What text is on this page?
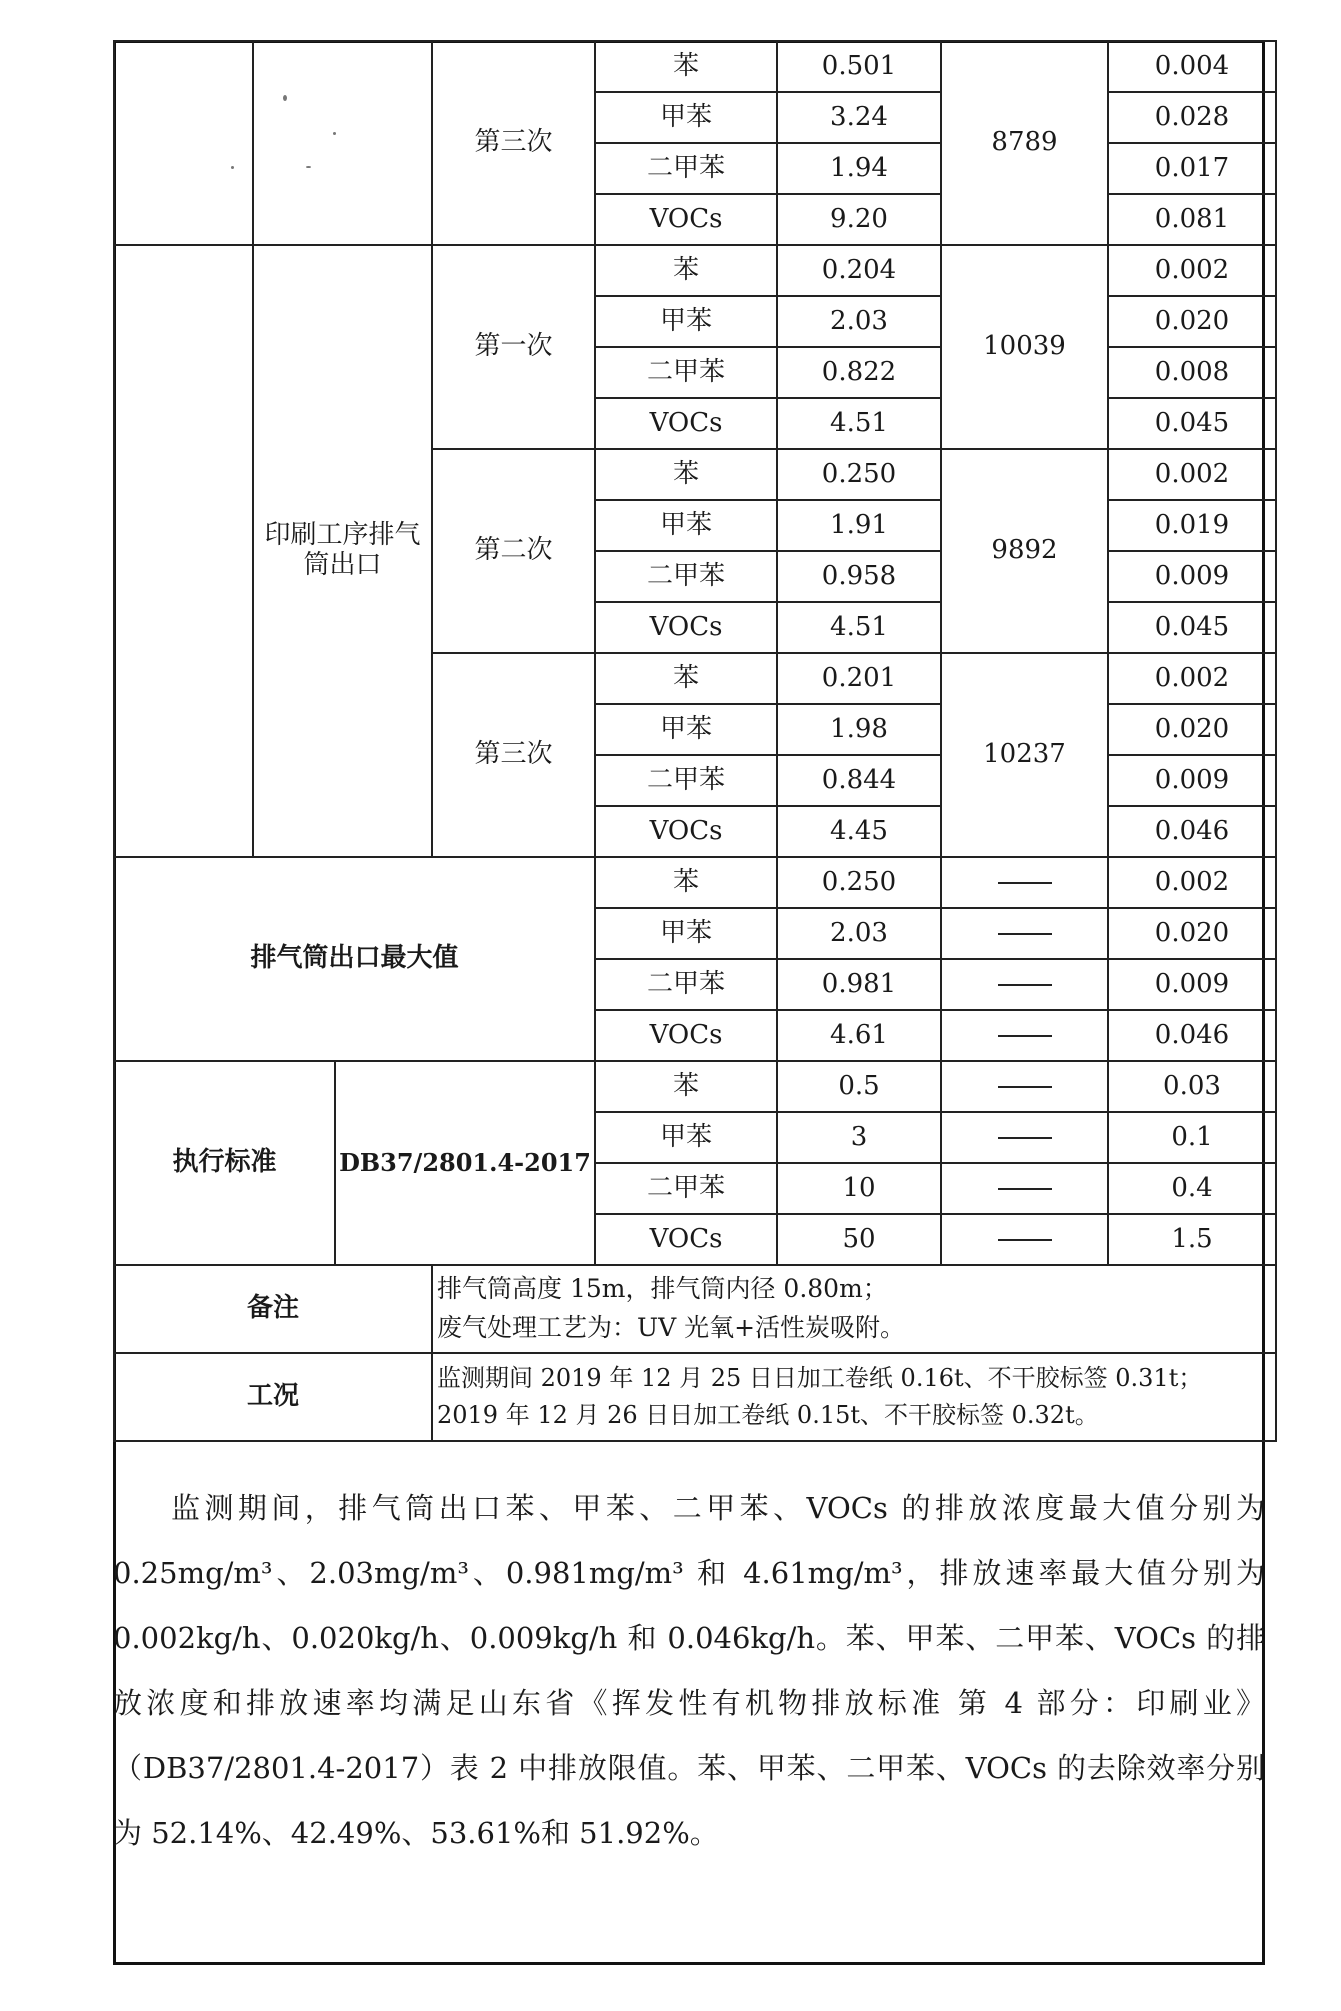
			第三次	苯	0.501	8789	0.004
				甲苯	3.24		0.028
				二甲苯	1.94		0.017
				VOCs	9.20		0.081
	印刷工序排气筒出口		第一次	苯	0.204	10039	0.002
				甲苯	2.03		0.020
				二甲苯	0.822		0.008
				VOCs	4.51		0.045
			第二次	苯	0.250	9892	0.002
				甲苯	1.91		0.019
				二甲苯	0.958		0.009
				VOCs	4.51		0.045
			第三次	苯	0.201	10237	0.002
				甲苯	1.98		0.020
				二甲苯	0.844		0.009
				VOCs	4.45		0.046
排气筒出口最大值				苯	0.250		0.002
				甲苯	2.03		0.020
				二甲苯	0.981		0.009
				VOCs	4.61		0.046
执行标准		DB37/2801.4-2017		苯	0.5		0.03
				甲苯	3		0.1
				二甲苯	10		0.4
				VOCs	50		1.5
备注			排气筒高度 15m，排气筒内径 0.80m；
废气处理工艺为：UV 光氧+活性炭吸附。				

工况			监测期间 2019 年 12 月 25 日日加工卷纸 0.16t、不干胶标签 0.31t；
2019 年 12 月 26 日日加工卷纸 0.15t、不干胶标签 0.32t。				

监测期间，排气筒出口苯、甲苯、二甲苯、VOCs 的排放浓度最大值分别为 0.25mg/m³、2.03mg/m³、0.981mg/m³ 和 4.61mg/m³，排放速率最大值分别为 0.002kg/h、0.020kg/h、0.009kg/h 和 0.046kg/h。苯、甲苯、二甲苯、VOCs 的排放浓度和排放速率均满足山东省《挥发性有机物排放标准 第 4 部分：印刷业》（DB37/2801.4-2017）表 2 中排放限值。苯、甲苯、二甲苯、VOCs 的去除效率分别为 52.14%、42.49%、53.61%和 51.92%。
